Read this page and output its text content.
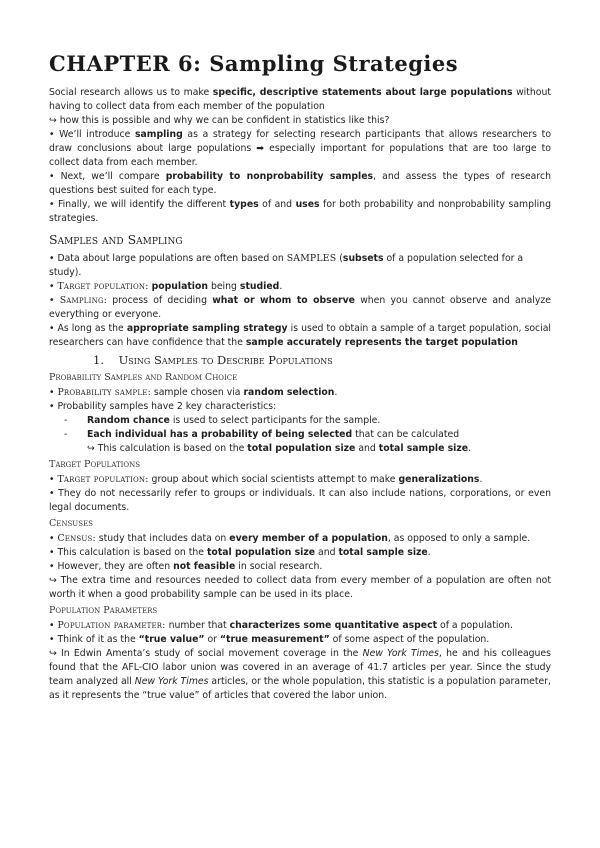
CHAPTER 6: Sampling Strategies

Social research allows us to make specific, descriptive statements about large populations without having to collect data from each member of the population

↪ how this is possible and why we can be confident in statistics like this?

• We’ll introduce sampling as a strategy for selecting research participants that allows researchers to draw conclusions about large populations ➡ especially important for populations that are too large to collect data from each member.

• Next, we’ll compare probability to nonprobability samples, and assess the types of research questions best suited for each type.

• Finally, we will identify the different types of and uses for both probability and nonprobability sampling strategies.

Samples and Sampling

• Data about large populations are often based on SAMPLES (subsets of a population selected for a study).

• Target population: population being studied.

• Sampling: process of deciding what or whom to observe when you cannot observe and analyze everything or everyone.

• As long as the appropriate sampling strategy is used to obtain a sample of a target population, social researchers can have confidence that the sample accurately represents the target population

1.    Using Samples to Describe Populations
Probability Samples and Random Choice

• Probability sample: sample chosen via random selection.

• Probability samples have 2 key characteristics:

- Random chance is used to select participants for the sample.

- Each individual has a probability of being selected that can be calculated

↪ This calculation is based on the total population size and total sample size.

Target Populations

• Target population: group about which social scientists attempt to make generalizations.

• They do not necessarily refer to groups or individuals. It can also include nations, corporations, or even legal documents.

Censuses

• Census: study that includes data on every member of a population, as opposed to only a sample.

• This calculation is based on the total population size and total sample size.

• However, they are often not feasible in social research.

↪ The extra time and resources needed to collect data from every member of a population are often not worth it when a good probability sample can be used in its place.

Population Parameters

• Population parameter: number that characterizes some quantitative aspect of a population.

• Think of it as the “true value” or “true measurement” of some aspect of the population.

↪ In Edwin Amenta’s study of social movement coverage in the New York Times, he and his colleagues found that the AFL-CIO labor union was covered in an average of 41.7 articles per year. Since the study team analyzed all New York Times articles, or the whole population, this statistic is a population parameter, as it represents the “true value” of articles that covered the labor union.
